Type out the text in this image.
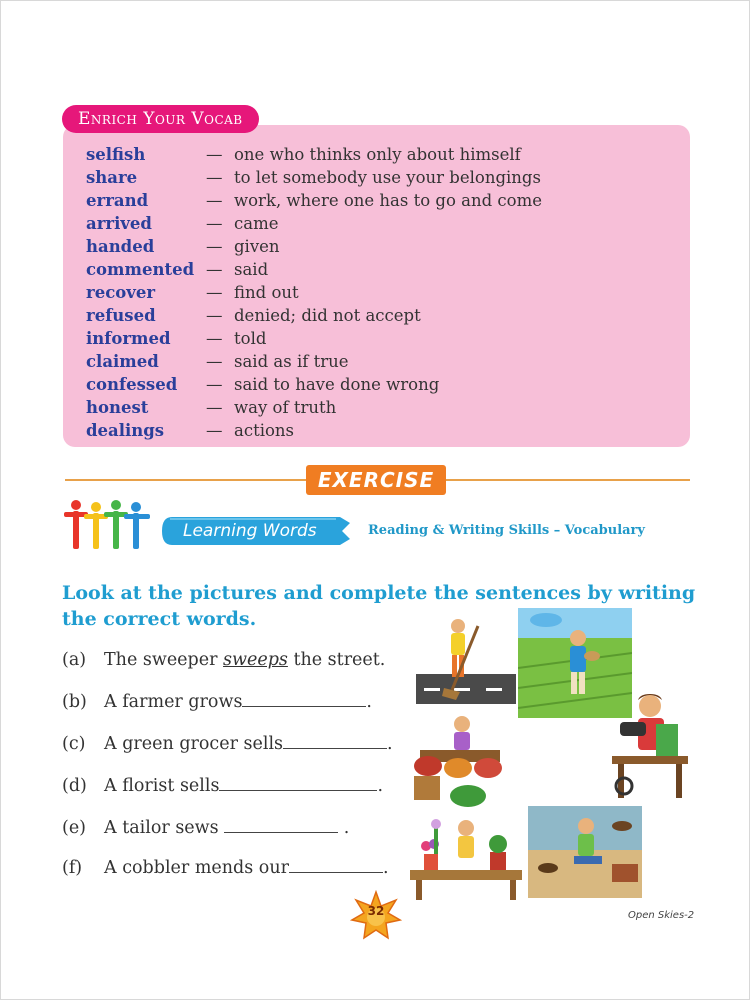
Enrich Your Vocab
selfish	— one who thinks only about himself
share	— to let somebody use your belongings
errand	— work, where one has to go and come
arrived	— came
handed	— given
commented — said
recover	— find out
refused	— denied; did not accept
informed	— told
claimed	— said as if true
confessed	— said to have done wrong
honest	— way of truth
dealings	— actions
EXERCISE
Learning Words	Reading & Writing Skills – Vocabulary
Look at the pictures and complete the sentences by writing the correct words.
(a) The sweeper sweeps the street.
(b) A farmer grows	.
(c) A green grocer sells	.
(d) A florist sells	.
(e) A tailor sews	.
(f) A cobbler mends our	.
32	Open Skies-2
